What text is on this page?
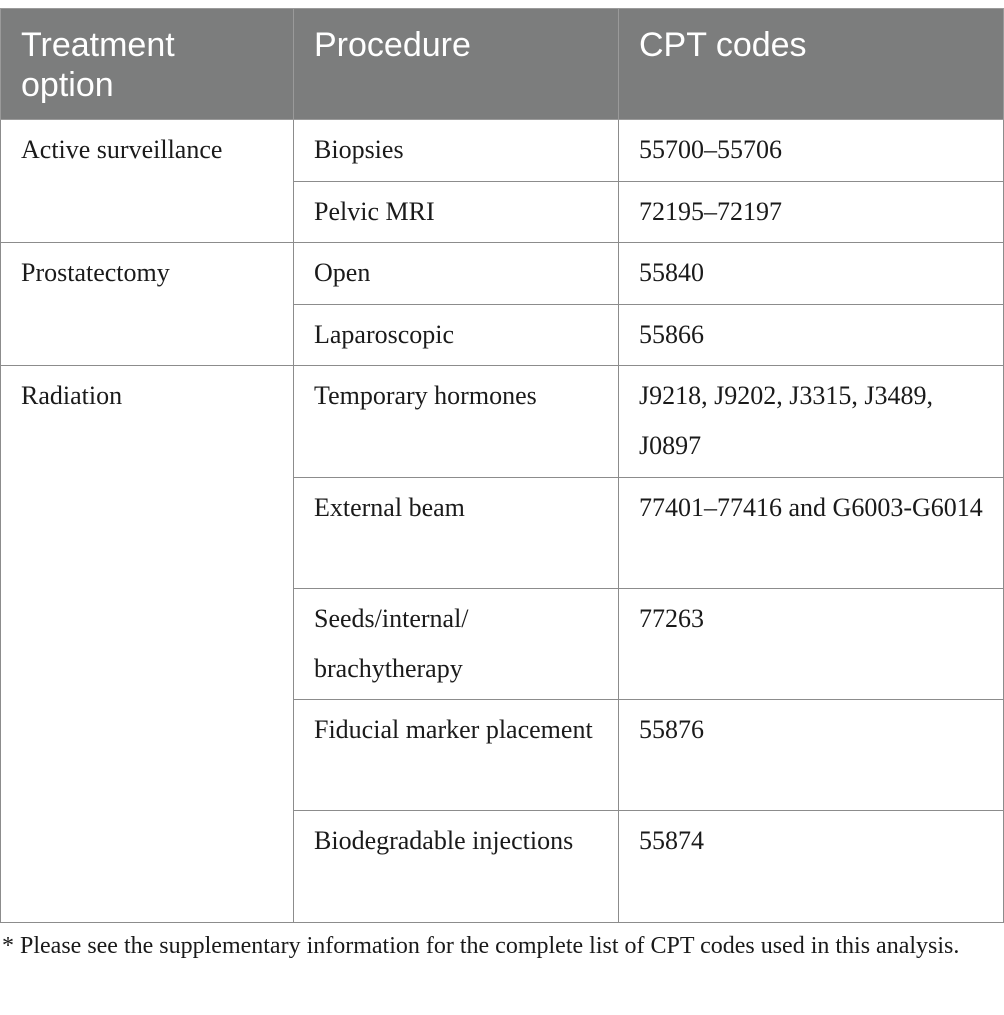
Treatment option	Procedure	CPT codes
Active surveillance	Biopsies	55700–55706
	Pelvic MRI	72195–72197
Prostatectomy	Open	55840
	Laparoscopic	55866
Radiation	Temporary hormones	J9218, J9202, J3315, J3489, J0897
	External beam	77401–77416 and G6003-G6014
	Seeds/internal/ brachytherapy	77263
	Fiducial marker placement	55876
	Biodegradable injections	55874

* Please see the supplementary information for the complete list of CPT codes used in this analysis.
